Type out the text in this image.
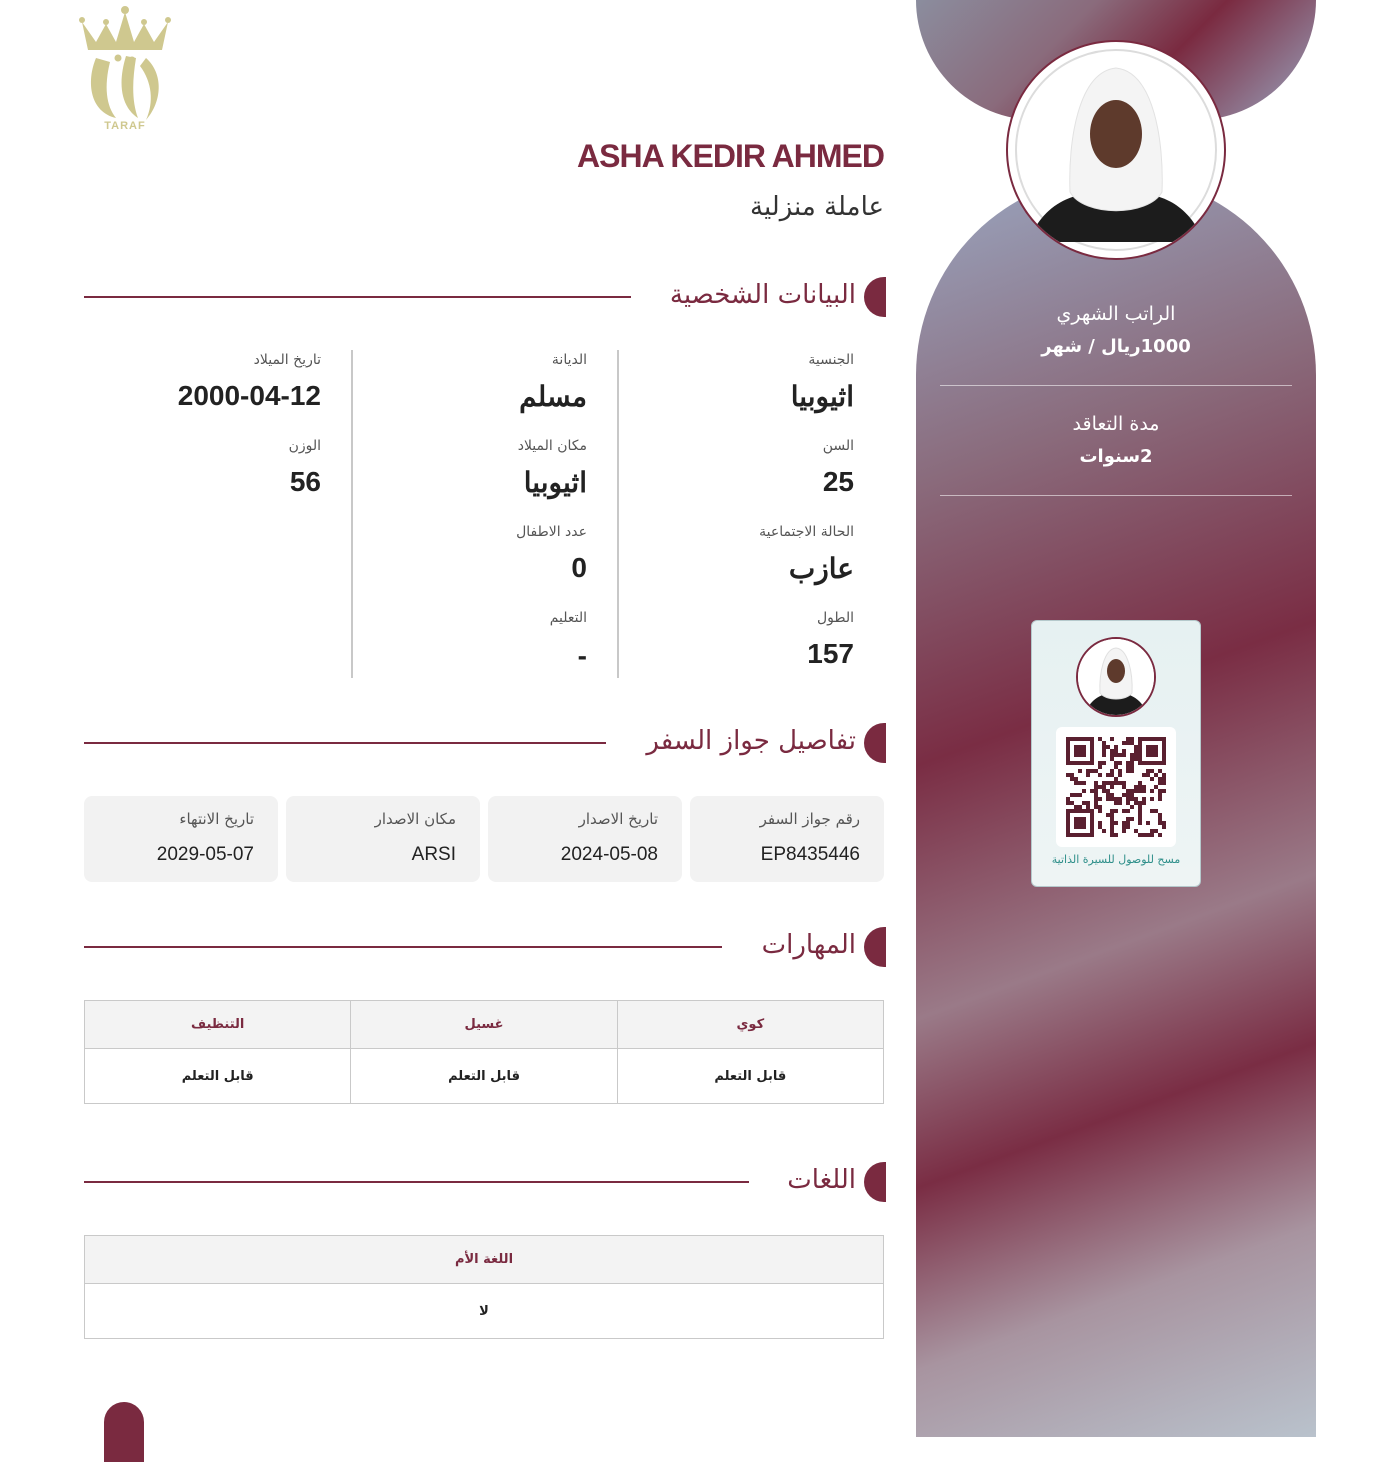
TARAF
الراتب الشهري
1000ريال / شهر
مدة التعاقد
2سنوات
مسح للوصول للسيرة الذاتية
ASHA KEDIR AHMED
عاملة منزلية
البيانات الشخصية
الجنسية
اثيوبيا
السن
25
الحالة الاجتماعية
عازب
الطول
157
الديانة
مسلم
مكان الميلاد
اثيوبيا
عدد الاطفال
0
التعليم
-
تاريخ الميلاد
2000-04-12
الوزن
56
تفاصيل جواز السفر
رقم جواز السفر
EP8435446
تاريخ الاصدار
2024-05-08
مكان الاصدار
ARSI
تاريخ الانتهاء
2029-05-07
المهارات
كوي	غسيل	التنظيف
قابل التعلم	قابل التعلم	قابل التعلم
اللغات
اللغة الأم
لا
